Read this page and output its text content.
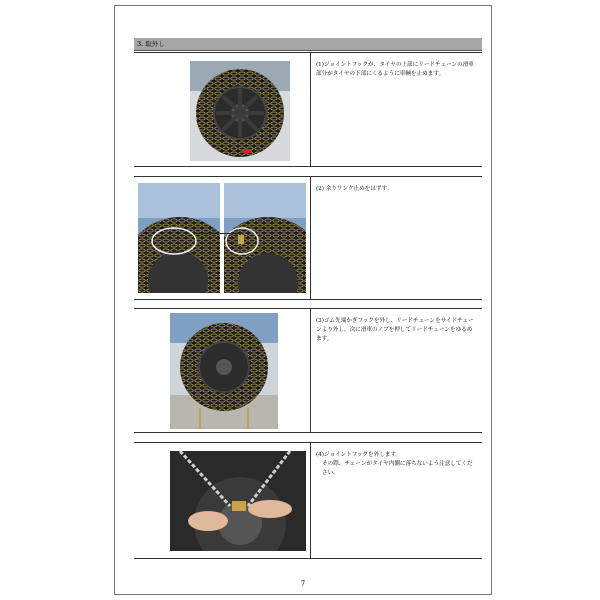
3. 取外し

(1)ジョイントフックが、タイヤの上部にリードチェーンの滑車部分がタイヤの下部にくるように車輌を止めます。

(2) 余りリンク止めをはずす。

(3)ゴム先端かぎフックを外し、リードチェーンをサイドチェーンより外し、次に滑車のノブを押してリードチェーンをゆるめます。

(4)ジョイントフックを外します。

その際、チェーンがタイヤ内側に落ちないよう注意してください。

7
